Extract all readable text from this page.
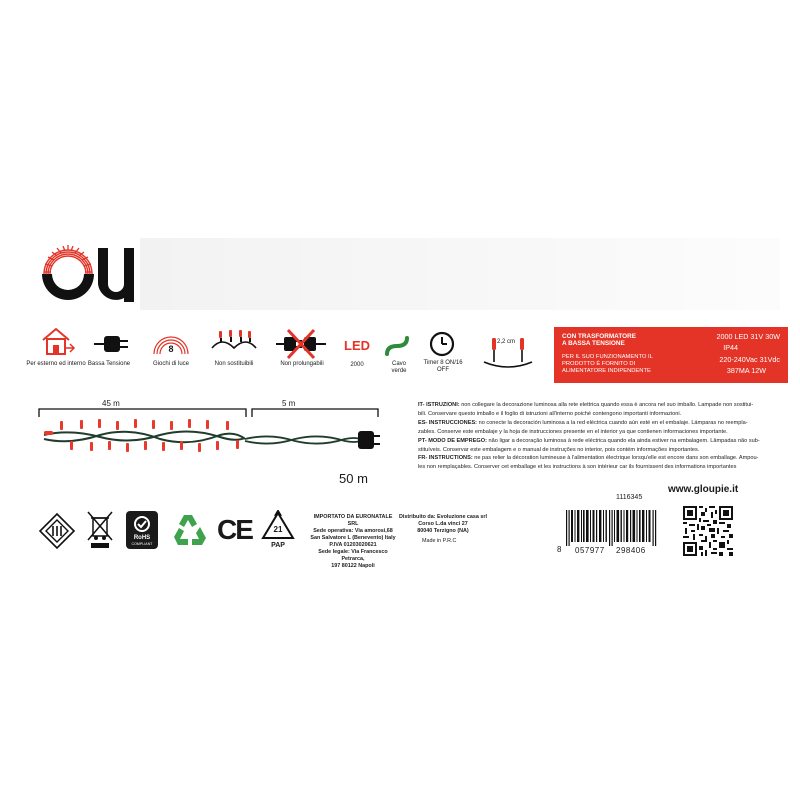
Per esterno ed interno Bassa Tensione
8
Giochi di luce	Non sostituibili	Non prolungabili
LED
2000	Cavo verde
Timer 8 ON/16 OFF
2,2 cm
CON TRASFORMATORE
A BASSA TENSIONE
PER IL SUO FUNZIONAMENTO IL
PRODOTTO È FORNITO DI
ALIMENTATORE INDIPENDENTE
2000 LED 31V 30W
IP44
220-240Vac 31Vdc
387MA 12W
45 m	5 m
50 m
IT- ISTRUZIONI: non collegare la decorazione luminosa alla rete elettrica quando essa è ancora nel suo imballo. Lampade non sostitui-
bili. Conservare questo imballo e il foglio di istruzioni all'interno poiché contengono importanti informazioni.
ES- INSTRUCCIONES: no conecte la decoración luminosa a la red eléctrica cuando aún esté en el embalaje. Lámparas no reempla-
zables. Conserve este embalaje y la hoja de instrucciones presente en el interior ya que contienen informaciones importante.
PT- MODO DE EMPREGO: não ligar a decoração luminosa à rede eléctrica quando ela ainda estiver na embalagem. Lâmpadas não sub-
stituíveis. Conservar este embalagem e o manual de instruções no interior, pois contém informações importantes.
FR- INSTRUCTIONS: ne pas relier la décoration lumineuse à l'alimentation électrique lorsqu'elle est encore dans son emballage. Ampou-
les non remplaçables. Conserver cet emballage et les instructions à son intérieur car ils fournissent des informations importantes
1116345
www.gloupie.it
RoHS
COMPLIANT CE	21
PAP
IMPORTATO DA EURONATALE SRL
Sede operativa: Via amorosi,68
San Salvatore L (Benevento) Italy
P.IVA 01203020621
Sede legale: Via Francesco Petrarca,
197 80122 Napoli
Distribuito da: Evoluzione casa srl
Corso L.da vinci 27
80040 Terzigno (NA)
Made in P.R.C
8 057977 298406
